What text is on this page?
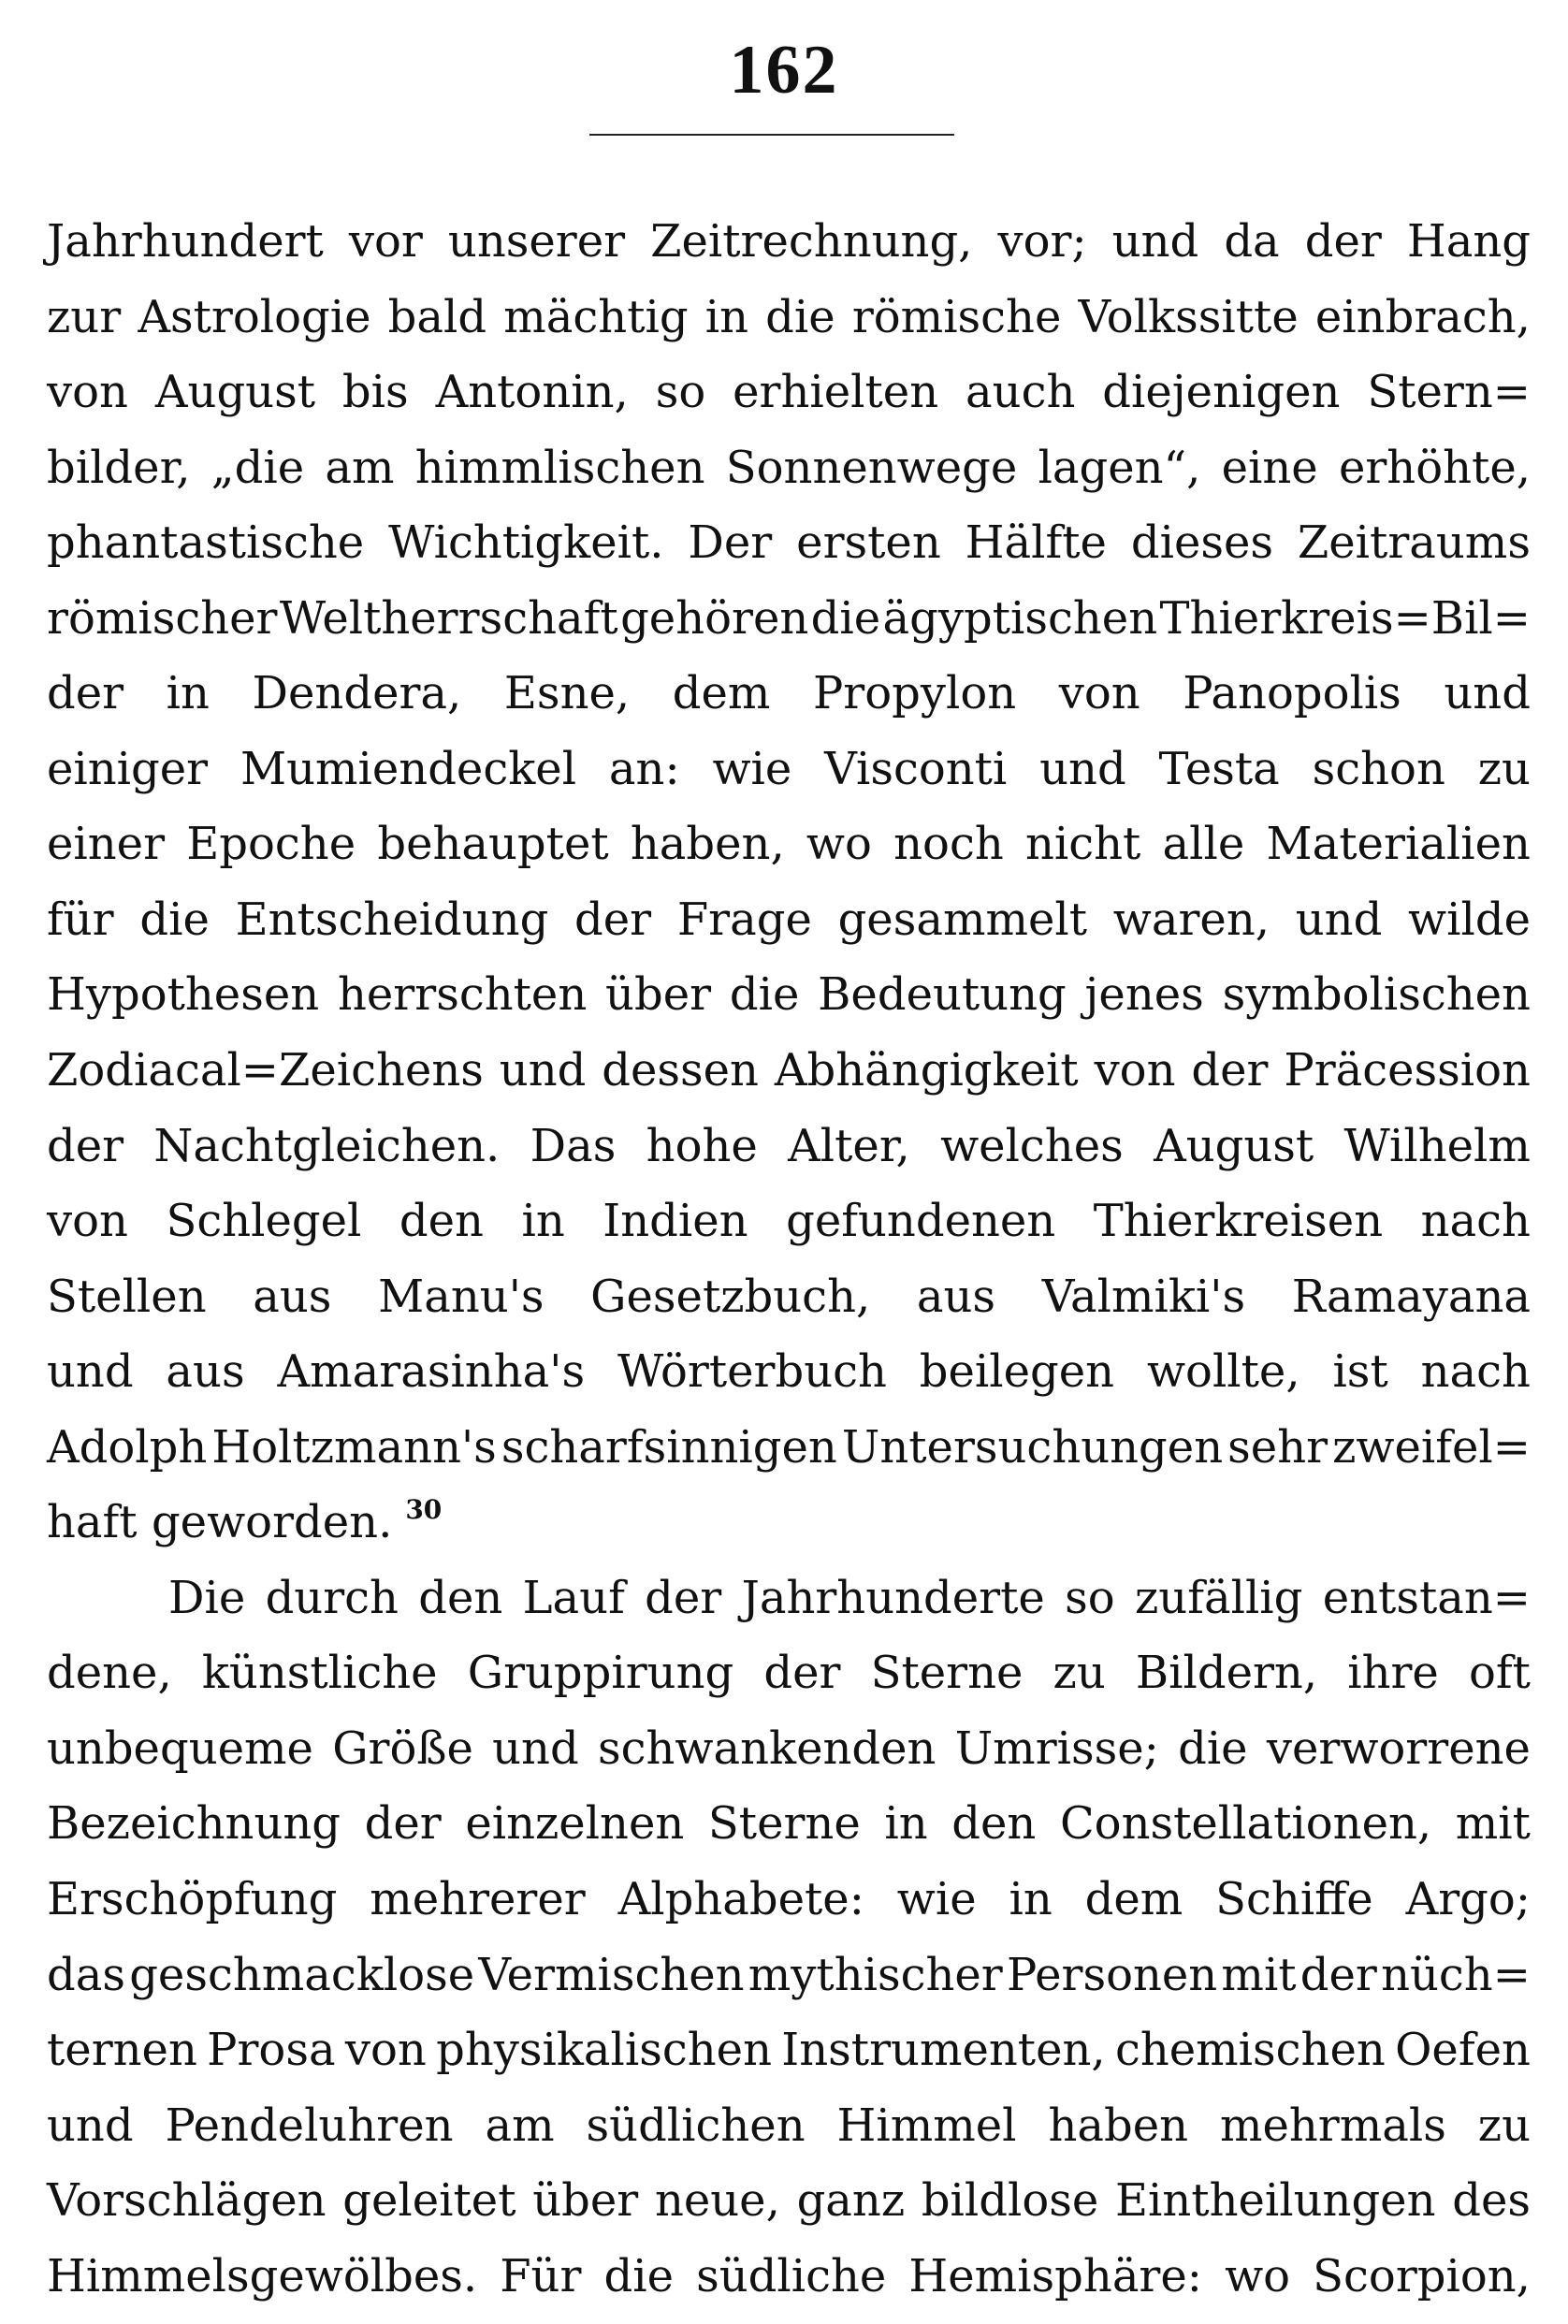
162
Jahrhundert vor unserer Zeitrechnung, vor; und da der Hang
zur Astrologie bald mächtig in die römische Volkssitte einbrach,
von August bis Antonin, so erhielten auch diejenigen Stern=
bilder, „die am himmlischen Sonnenwege lagen“, eine erhöhte,
phantastische Wichtigkeit. Der ersten Hälfte dieses Zeitraums
römischer Weltherrschaft gehören die ägyptischen Thierkreis=Bil=
der in Dendera, Esne, dem Propylon von Panopolis und
einiger Mumiendeckel an: wie Visconti und Testa schon zu
einer Epoche behauptet haben, wo noch nicht alle Materialien
für die Entscheidung der Frage gesammelt waren, und wilde
Hypothesen herrschten über die Bedeutung jenes symbolischen
Zodiacal=Zeichens und dessen Abhängigkeit von der Präcession
der Nachtgleichen. Das hohe Alter, welches August Wilhelm
von Schlegel den in Indien gefundenen Thierkreisen nach
Stellen aus Manu's Gesetzbuch, aus Valmiki's Ramayana
und aus Amarasinha's Wörterbuch beilegen wollte, ist nach
Adolph Holtzmann's scharfsinnigen Untersuchungen sehr zweifel=
haft geworden. 30
Die durch den Lauf der Jahrhunderte so zufällig entstan=
dene, künstliche Gruppirung der Sterne zu Bildern, ihre oft
unbequeme Größe und schwankenden Umrisse; die verworrene
Bezeichnung der einzelnen Sterne in den Constellationen, mit
Erschöpfung mehrerer Alphabete: wie in dem Schiffe Argo;
das geschmacklose Vermischen mythischer Personen mit der nüch=
ternen Prosa von physikalischen Instrumenten, chemischen Oefen
und Pendeluhren am südlichen Himmel haben mehrmals zu
Vorschlägen geleitet über neue, ganz bildlose Eintheilungen des
Himmelsgewölbes. Für die südliche Hemisphäre: wo Scorpion,
